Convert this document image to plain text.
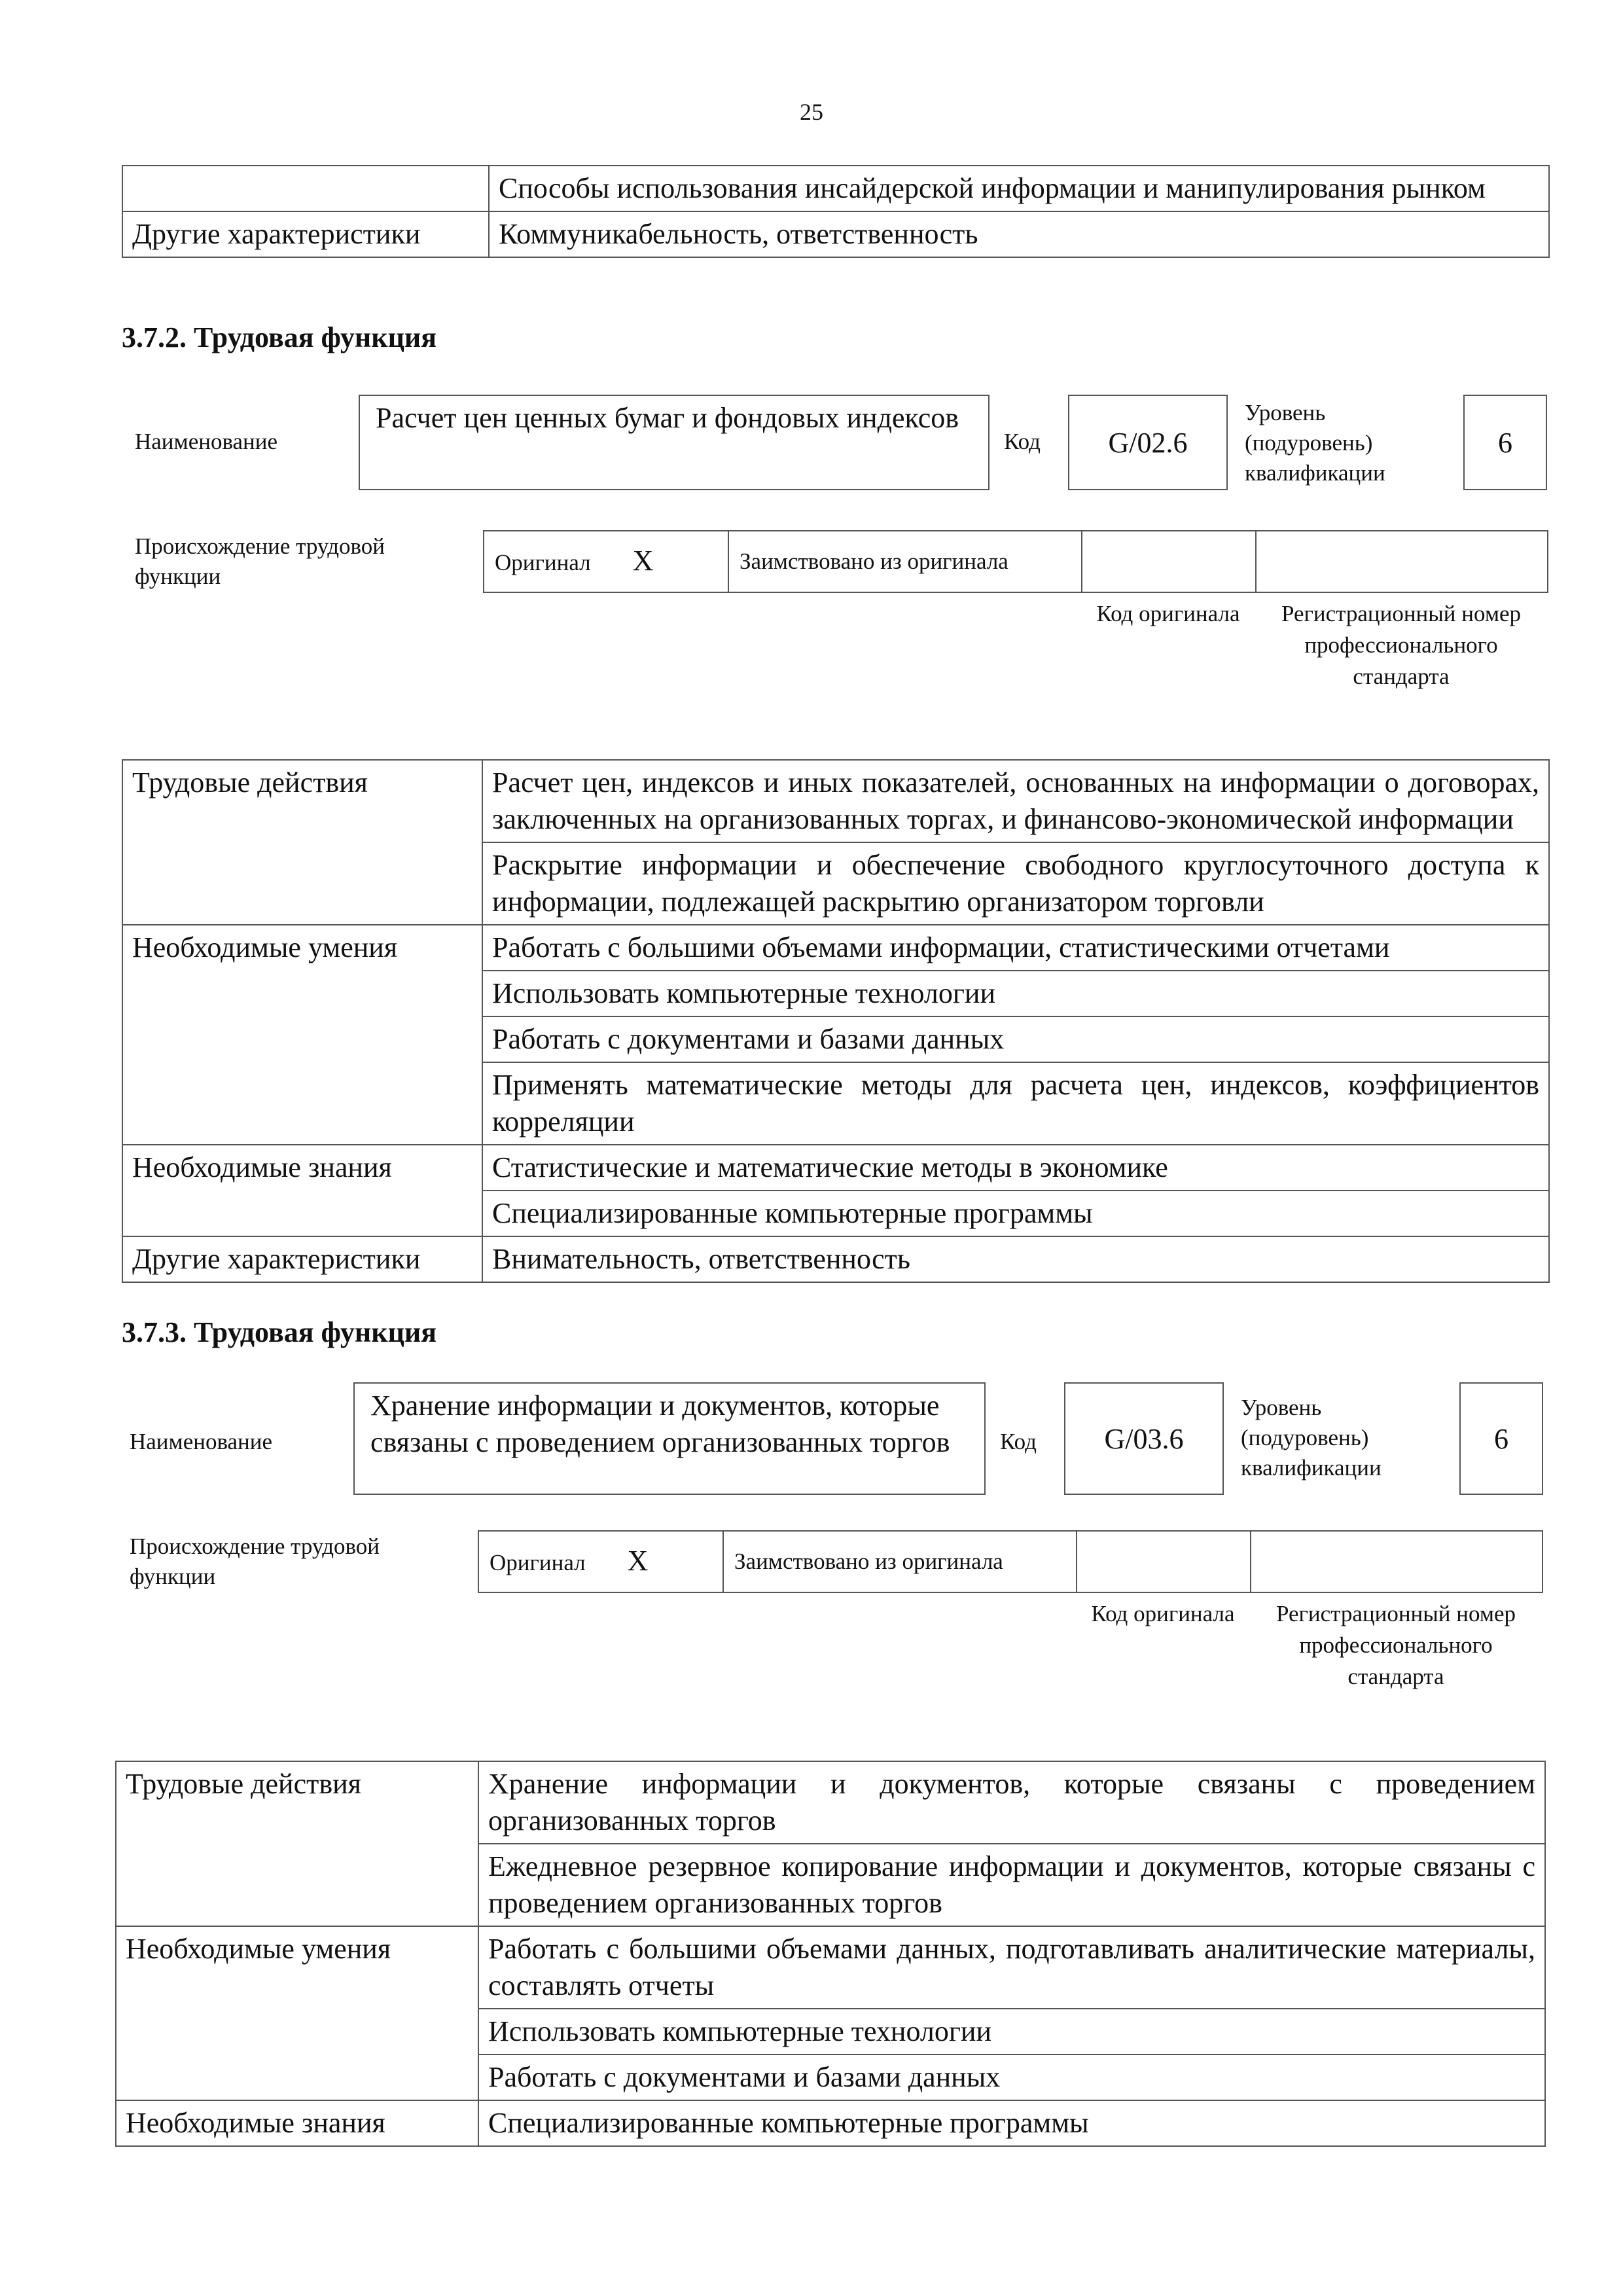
25
	Способы использования инсайдерской информации и манипулирования рынком
Другие характеристики	Коммуникабельность, ответственность
3.7.2. Трудовая функция
Наименование
Расчет цен ценных бумаг и фондовых индексов
Код G/02.6
Уровень (подуровень) квалификации
6
Происхождение трудовой функции
Оригинал X	Заимствовано из оригинала		
Код оригинала	Регистрационный номер профессионального стандарта
Трудовые действия	Расчет цен, индексов и иных показателей, основанных на информации о договорах, заключенных на организованных торгах, и финансово-экономической информации
	Раскрытие информации и обеспечение свободного круглосуточного доступа к информации, подлежащей раскрытию организатором торговли
Необходимые умения	Работать с большими объемами информации, статистическими отчетами
	Использовать компьютерные технологии
	Работать с документами и базами данных
	Применять математические методы для расчета цен, индексов, коэффициентов корреляции
Необходимые знания	Статистические и математические методы в экономике
	Специализированные компьютерные программы
Другие характеристики	Внимательность, ответственность
3.7.3. Трудовая функция
Наименование
Хранение информации и документов, которые связаны с проведением организованных торгов	Код G/03.6
Уровень (подуровень) квалификации
6
Происхождение трудовой функции
Оригинал X	Заимствовано из оригинала		
Код оригинала	Регистрационный номер профессионального стандарта
Трудовые действия	Хранение информации и документов, которые связаны с проведением организованных торгов
	Ежедневное резервное копирование информации и документов, которые связаны с проведением организованных торгов
Необходимые умения	Работать с большими объемами данных, подготавливать аналитические материалы, составлять отчеты
	Использовать компьютерные технологии
	Работать с документами и базами данных
Необходимые знания	Специализированные компьютерные программы
